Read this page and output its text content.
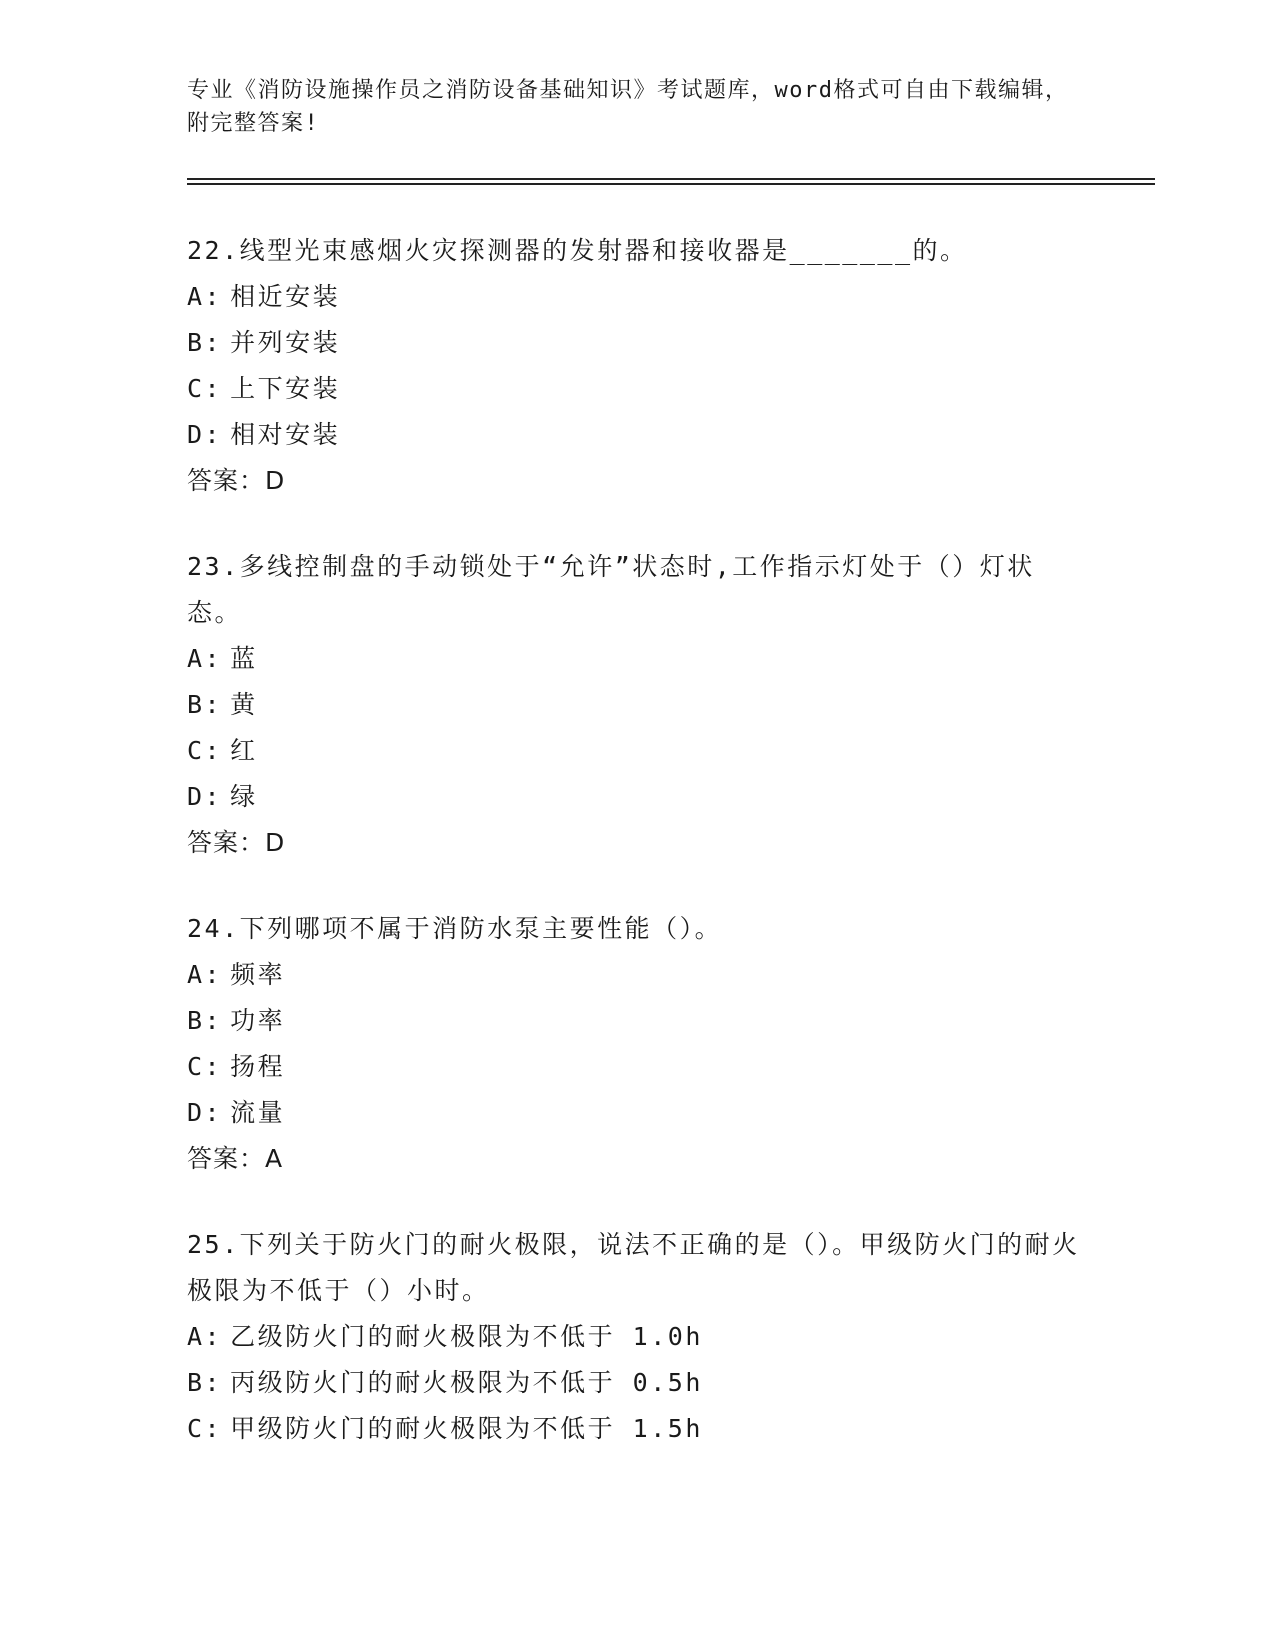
专业《消防设施操作员之消防设备基础知识》考试题库，word格式可自由下载编辑，附完整答案!

22.线型光束感烟火灾探测器的发射器和接收器是_______的。

A: 相近安装

B: 并列安装

C: 上下安装

D: 相对安装

答案：D

23.多线控制盘的手动锁处于“允许”状态时,工作指示灯处于（）灯状态。

A: 蓝

B: 黄

C: 红

D: 绿

答案：D

24.下列哪项不属于消防水泵主要性能（）。

A: 频率

B: 功率

C: 扬程

D: 流量

答案：A

25.下列关于防火门的耐火极限，说法不正确的是（）。甲级防火门的耐火极限为不低于（）小时。

A: 乙级防火门的耐火极限为不低于 1.0h

B: 丙级防火门的耐火极限为不低于 0.5h

C: 甲级防火门的耐火极限为不低于 1.5h
